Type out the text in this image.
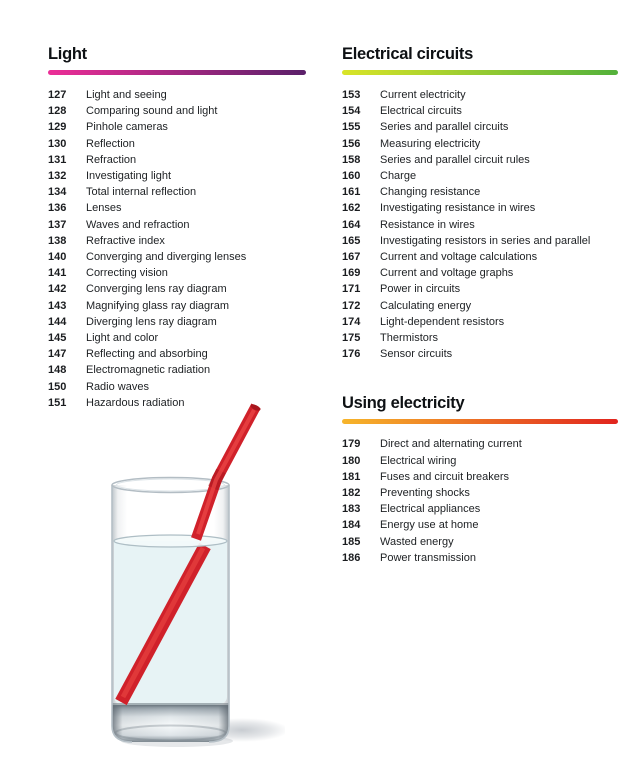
Light
127	Light and seeing
128	Comparing sound and light
129	Pinhole cameras
130	Reflection
131	Refraction
132	Investigating light
134	Total internal reflection
136	Lenses
137	Waves and refraction
138	Refractive index
140	Converging and diverging lenses
141	Correcting vision
142	Converging lens ray diagram
143	Magnifying glass ray diagram
144	Diverging lens ray diagram
145	Light and color
147	Reflecting and absorbing
148	Electromagnetic radiation
150	Radio waves
151	Hazardous radiation
Electrical circuits
153	Current electricity
154	Electrical circuits
155	Series and parallel circuits
156	Measuring electricity
158	Series and parallel circuit rules
160	Charge
161	Changing resistance
162	Investigating resistance in wires
164	Resistance in wires
165	Investigating resistors in series and parallel
167	Current and voltage calculations
169	Current and voltage graphs
171	Power in circuits
172	Calculating energy
174	Light-dependent resistors
175	Thermistors
176	Sensor circuits
Using electricity
179	Direct and alternating current
180	Electrical wiring
181	Fuses and circuit breakers
182	Preventing shocks
183	Electrical appliances
184	Energy use at home
185	Wasted energy
186	Power transmission
